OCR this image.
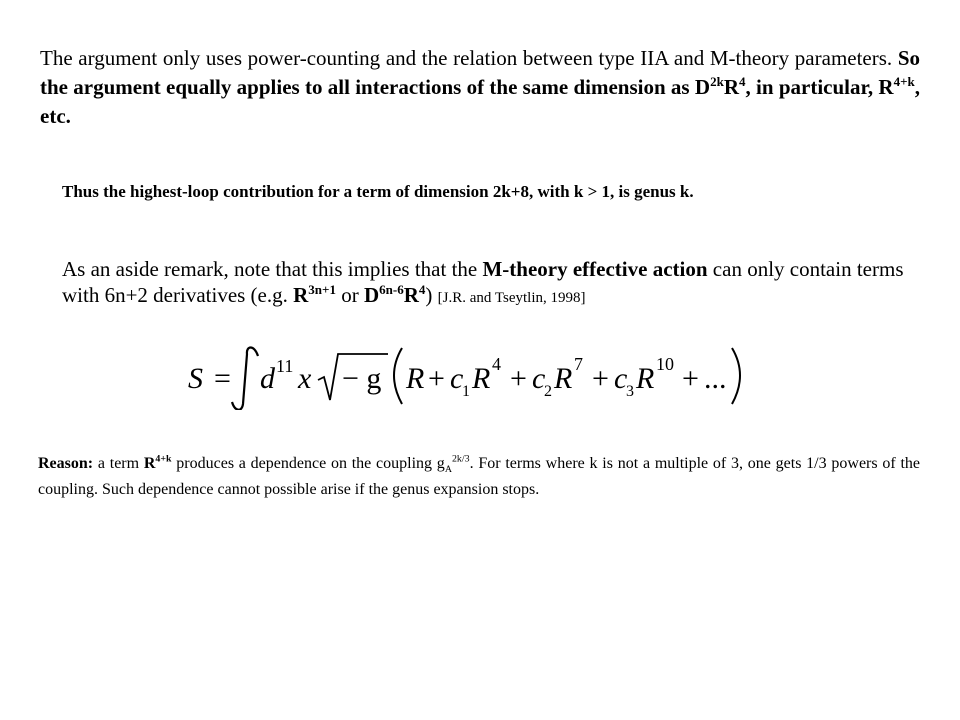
The argument only uses power-counting and the relation between type IIA and M-theory parameters. So the argument equally applies to all interactions of the same dimension as $D^{2k}R^4$, in particular, $R^{4+k}$, etc.

Thus the highest-loop contribution for a term of dimension 2k+8, with k > 1, is genus k.

As an aside remark, note that this implies that the M-theory effective action can only contain terms with 6n+2 derivatives (e.g. $R^{3n+1}$ or $D^{6n-6}R^4$) [J.R. and Tseytlin, 1998]

S = d 11 x − g R + c
1 R 4 + c
2 R 7 + c
3 R 10 + ...

Reason: a term $R^{4+k}$ produces a dependence on the coupling $g_A^{2k/3}$. For terms where k is not a multiple of 3, one gets 1/3 powers of the coupling. Such dependence cannot possible arise if the genus expansion stops.
